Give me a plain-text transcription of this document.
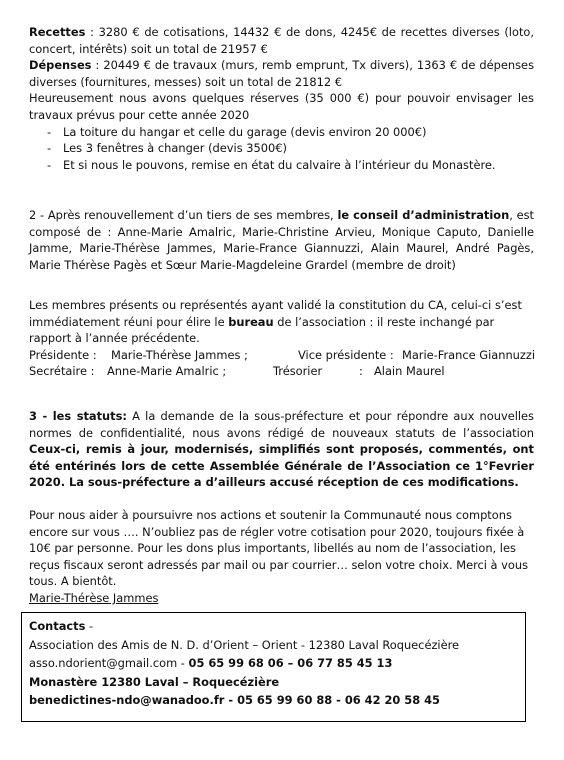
Recettes : 3280 € de cotisations, 14432 € de dons, 4245€ de recettes diverses (loto, concert, intérêts) soit un total de 21957 €

Dépenses : 20449 € de travaux (murs, remb emprunt, Tx divers), 1363 € de dépenses diverses (fournitures, messes) soit un total de 21812 €

Heureusement nous avons quelques réserves (35 000 €) pour pouvoir envisager les travaux prévus pour cette année 2020

- La toiture du hangar et celle du garage (devis environ 20 000€)
- Les 3 fenêtres à changer (devis 3500€)
- Et si nous le pouvons, remise en état du calvaire à l’intérieur du Monastère.

2 - Après renouvellement d’un tiers de ses membres, le conseil d’administration, est composé de : Anne-Marie Amalric, Marie-Christine Arvieu, Monique Caputo, Danielle Jamme, Marie-Thérèse Jammes, Marie-France Giannuzzi, Alain Maurel, André Pagès, Marie Thérèse Pagès et Sœur Marie-Magdeleine Grardel (membre de droit)

Les membres présents ou représentés ayant validé la constitution du CA, celui-ci s’est immédiatement réuni pour élire le bureau de l’association : il reste inchangé par rapport à l’année précédente.

Présidente : Marie-Thérèse Jammes ;	Vice présidente : Marie-France Giannuzzi
Secrétaire : Anne-Marie Amalric ;	Trésorier	: Alain Maurel

3 - les statuts: A la demande de la sous-préfecture et pour répondre aux nouvelles normes de confidentialité, nous avons rédigé de nouveaux statuts de l’association Ceux-ci, remis à jour, modernisés, simplifiés sont proposés, commentés, ont été entérinés lors de cette Assemblée Générale de l’Association ce 1°Fevrier 2020. La sous-préfecture a d’ailleurs accusé réception de ces modifications.

Pour nous aider à poursuivre nos actions et soutenir la Communauté nous comptons encore sur vous …. N’oubliez pas de régler votre cotisation pour 2020, toujours fixée à 10€ par personne. Pour les dons plus importants, libellés au nom de l’association, les reçus fiscaux seront adressés par mail ou par courrier… selon votre choix. Merci à vous tous. A bientôt.

Marie-Thérèse Jammes

Contacts -

Association des Amis de N. D. d’Orient – Orient - 12380 Laval Roquecézière

asso.ndorient@gmail.com - 05 65 99 68 06 – 06 77 85 45 13

Monastère 12380 Laval – Roquecézière

benedictines-ndo@wanadoo.fr - 05 65 99 60 88 - 06 42 20 58 45
